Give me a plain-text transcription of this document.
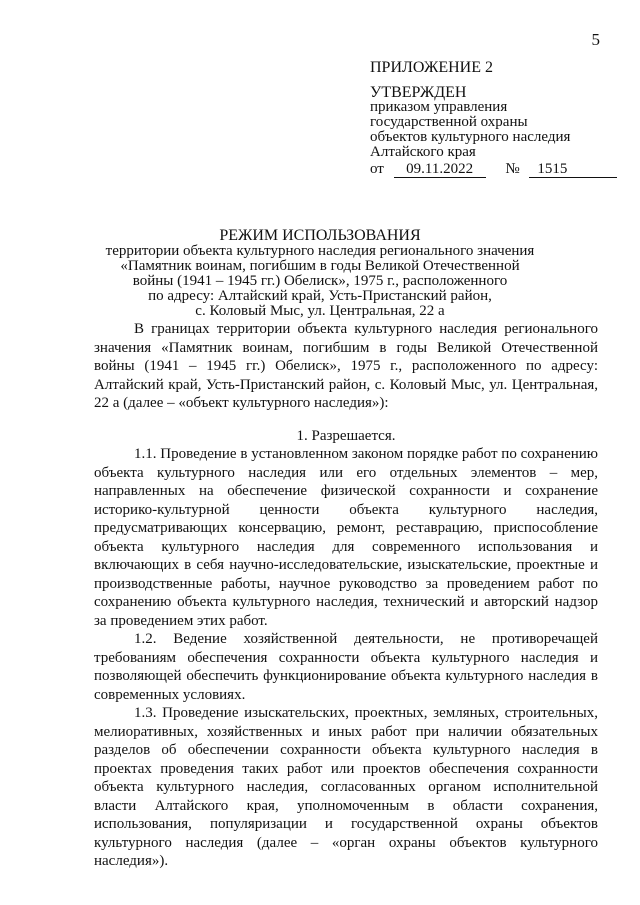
5
ПРИЛОЖЕНИЕ 2
УТВЕРЖДЕН
приказом управления
государственной охраны
объектов культурного наследия
Алтайского края
от 09.11.2022 № 1515
РЕЖИМ ИСПОЛЬЗОВАНИЯ
территории объекта культурного наследия регионального значения
«Памятник воинам, погибшим в годы Великой Отечественной
войны (1941 – 1945 гг.) Обелиск», 1975 г., расположенного
по адресу: Алтайский край, Усть-Пристанский район,
с. Коловый Мыс, ул. Центральная, 22 а

В границах территории объекта культурного наследия регионального значения «Памятник воинам, погибшим в годы Великой Отечественной войны (1941 – 1945 гг.) Обелиск», 1975 г., расположенного по адресу: Алтайский край, Усть-Пристанский район, с. Коловый Мыс, ул. Центральная, 22 а (далее – «объект культурного наследия»):

1. Разрешается.

1.1. Проведение в установленном законом порядке работ по сохранению объекта культурного наследия или его отдельных элементов – мер, направленных на обеспечение физической сохранности и сохранение историко-культурной ценности объекта культурного наследия, предусматривающих консервацию, ремонт, реставрацию, приспособление объекта культурного наследия для современного использования и включающих в себя научно-исследовательские, изыскательские, проектные и производственные работы, научное руководство за проведением работ по сохранению объекта культурного наследия, технический и авторский надзор за проведением этих работ.

1.2. Ведение хозяйственной деятельности, не противоречащей требованиям обеспечения сохранности объекта культурного наследия и позволяющей обеспечить функционирование объекта культурного наследия в современных условиях.

1.3. Проведение изыскательских, проектных, земляных, строительных, мелиоративных, хозяйственных и иных работ при наличии обязательных разделов об обеспечении сохранности объекта культурного наследия в проектах проведения таких работ или проектов обеспечения сохранности объекта культурного наследия, согласованных органом исполнительной власти Алтайского края, уполномоченным в области сохранения, использования, популяризации и государственной охраны объектов культурного наследия (далее – «орган охраны объектов культурного наследия»).
